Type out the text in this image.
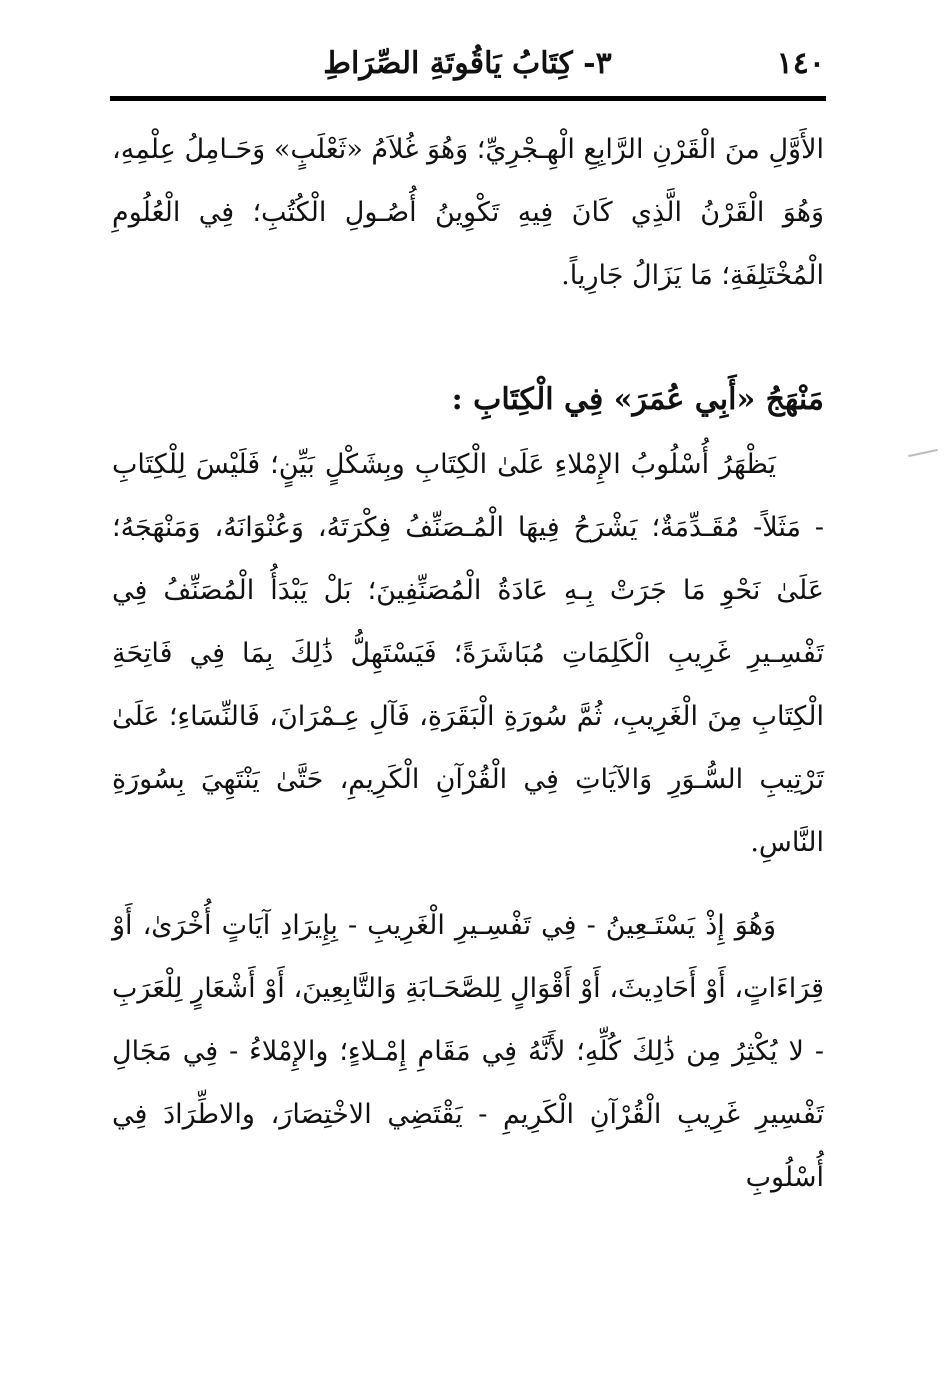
١٤٠
٣- كِتَابُ يَاقُوتَةِ الصِّرَاطِ

الأَوَّلِ منَ الْقَرْنِ الرَّابِعِ الْهِـجْرِيِّ؛ وَهُوَ غُلاَمُ «ثَعْلَبٍ» وَحَـامِلُ عِلْمِهِ، وَهُوَ الْقَرْنُ الَّذِي كَانَ فِيهِ تَكْوِينُ أُصُـولِ الْكُتُبِ؛ فِي الْعُلُومِ الْمُخْتَلِفَةِ؛ مَا يَزَالُ جَارِياً.

مَنْهَجُ «أَبِي عُمَرَ» فِي الْكِتَابِ :

يَظْهَرُ أُسْلُوبُ الإِمْلاءِ عَلَىٰ الْكِتَابِ وبِشَكْلٍ بَيِّنٍ؛ فَلَيْسَ لِلْكِتَابِ - مَثَلاً- مُقَـدِّمَةٌ؛ يَشْرَحُ فِيهَا الْمُـصَنِّفُ فِكْرَتَهُ، وَعُنْوَانَهُ، وَمَنْهَجَهُ؛ عَلَىٰ نَحْوِ مَا جَرَتْ بِـهِ عَادَةُ الْمُصَنِّفِينَ؛ بَلْ يَبْدَأُ الْمُصَنِّفُ فِي تَفْسِـيرِ غَرِيبِ الْكَلِمَاتِ مُبَاشَرَةً؛ فَيَسْتَهِلُّ ذَٰلِكَ بِمَا فِي فَاتِحَةِ الْكِتَابِ مِنَ الْغَرِيبِ، ثُمَّ سُورَةِ الْبَقَرَةِ، فَآلِ عِـمْرَانَ، فَالنِّسَاءِ؛ عَلَىٰ تَرْتِيبِ السُّـوَرِ وَالآيَاتِ فِي الْقُرْآنِ الْكَرِيمِ، حَتَّىٰ يَنْتَهِيَ بِسُورَةِ النَّاسِ.

وَهُوَ إِذْ يَسْتَـعِينُ - فِي تَفْسِـيرِ الْغَرِيبِ - بِإِيرَادِ آيَاتٍ أُخْرَىٰ، أَوْ قِرَاءَاتٍ، أَوْ أَحَادِيثَ، أَوْ أَقْوَالٍ لِلصَّحَـابَةِ وَالتَّابِعِينَ، أَوْ أَشْعَارٍ لِلْعَرَبِ - لا يُكْثِرُ مِن ذَٰلِكَ كُلِّهِ؛ لأَنَّهُ فِي مَقَامِ إِمْـلاءٍ؛ والإِمْلاءُ - فِي مَجَالِ تَفْسِيرِ غَرِيبِ الْقُرْآنِ الْكَرِيمِ - يَقْتَضِي الاخْتِصَارَ، والاطِّرَادَ فِي أُسْلُوبِ
